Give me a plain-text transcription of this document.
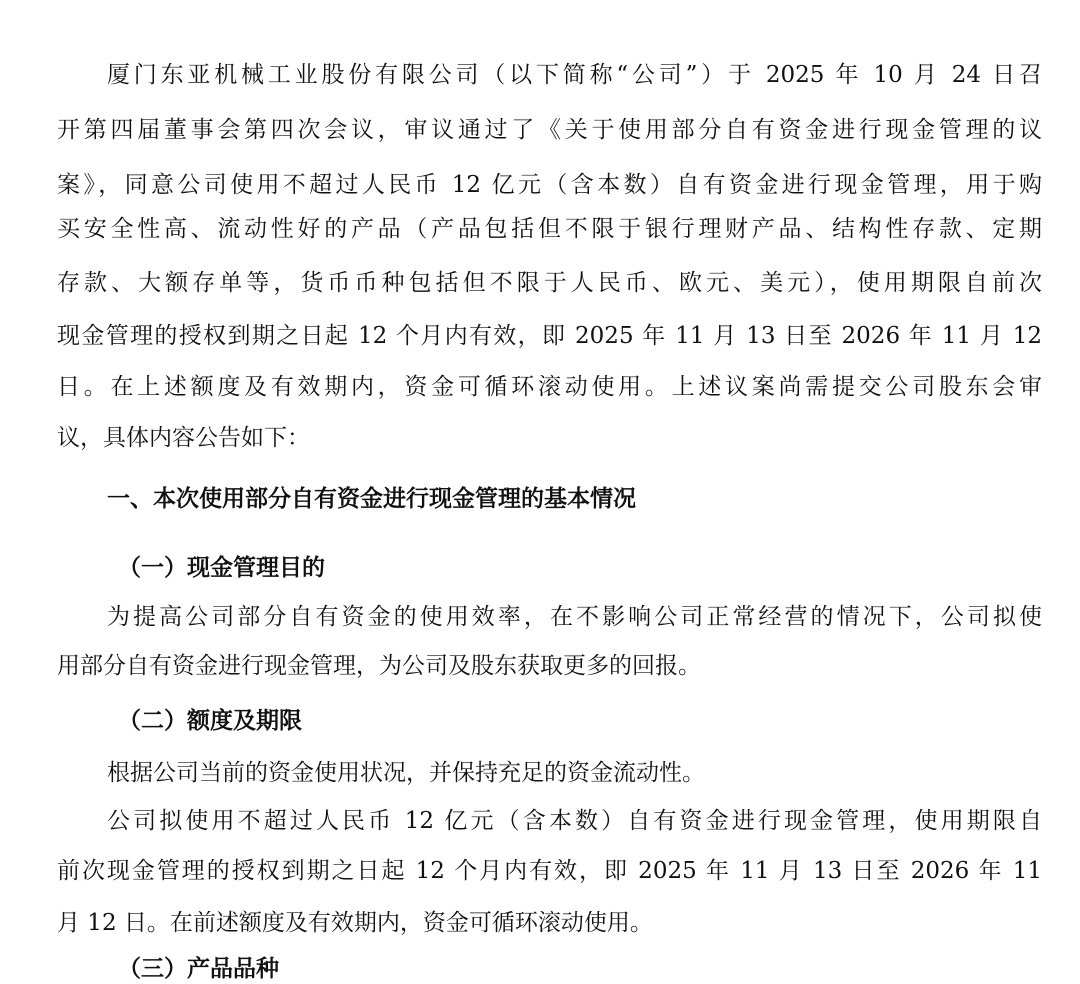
厦门东亚机械工业股份有限公司（以下简称“公司”）于 2025 年 10 月 24 日召
开第四届董事会第四次会议，审议通过了《关于使用部分自有资金进行现金管理的议
案》，同意公司使用不超过人民币 12 亿元（含本数）自有资金进行现金管理，用于购
买安全性高、流动性好的产品（产品包括但不限于银行理财产品、结构性存款、定期
存款、大额存单等，货币币种包括但不限于人民币、欧元、美元），使用期限自前次
现金管理的授权到期之日起 12 个月内有效，即 2025 年 11 月 13 日至 2026 年 11 月 12
日。在上述额度及有效期内，资金可循环滚动使用。上述议案尚需提交公司股东会审
议，具体内容公告如下：
一、本次使用部分自有资金进行现金管理的基本情况
（一）现金管理目的
为提高公司部分自有资金的使用效率，在不影响公司正常经营的情况下，公司拟使
用部分自有资金进行现金管理，为公司及股东获取更多的回报。
（二）额度及期限
根据公司当前的资金使用状况，并保持充足的资金流动性。
公司拟使用不超过人民币 12 亿元（含本数）自有资金进行现金管理，使用期限自
前次现金管理的授权到期之日起 12 个月内有效，即 2025 年 11 月 13 日至 2026 年 11
月 12 日。在前述额度及有效期内，资金可循环滚动使用。
（三）产品品种
